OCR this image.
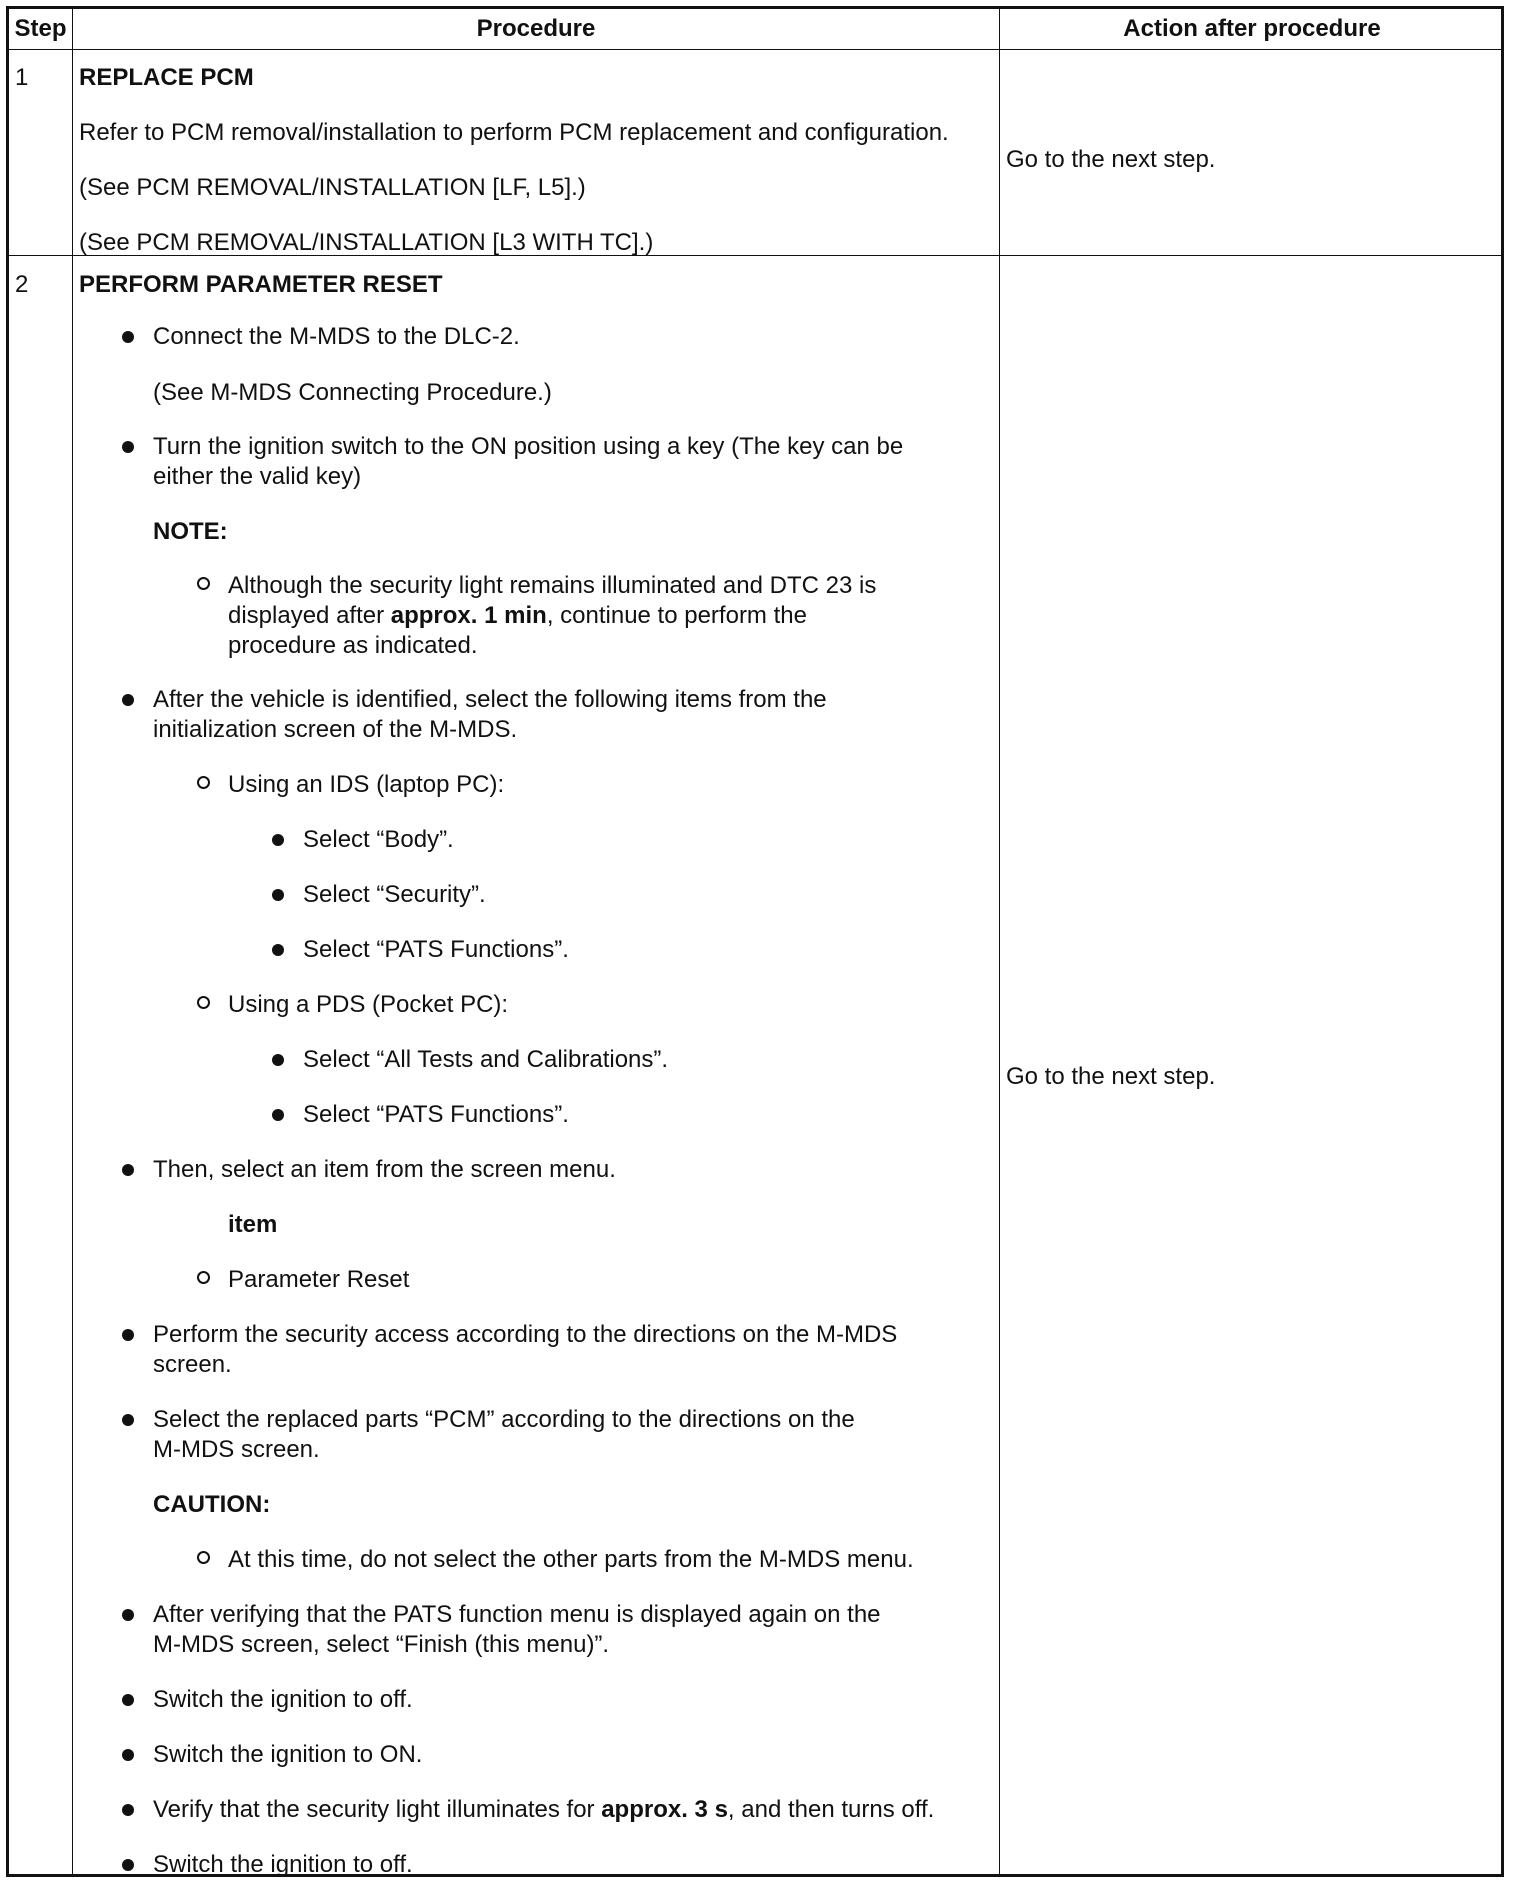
Step	Procedure	Action after procedure
1 REPLACE PCM
Refer to PCM removal/installation to perform PCM replacement and configuration.
(See PCM REMOVAL/INSTALLATION [LF, L5].)
(See PCM REMOVAL/INSTALLATION [L3 WITH TC].)
Go to the next step.
2 PERFORM PARAMETER RESET
Go to the next step.
Connect the M-MDS to the DLC-2.
(See M-MDS Connecting Procedure.)
Turn the ignition switch to the ON position using a key (The key can be
either the valid key)
NOTE:
Although the security light remains illuminated and DTC 23 is
displayed after approx. 1 min, continue to perform the
procedure as indicated.
After the vehicle is identified, select the following items from the
initialization screen of the M-MDS.
Using an IDS (laptop PC):
Select “Body”.
Select “Security”.
Select “PATS Functions”.
Using a PDS (Pocket PC):
Select “All Tests and Calibrations”.
Select “PATS Functions”.
Then, select an item from the screen menu.
item
Parameter Reset
Perform the security access according to the directions on the M-MDS
screen.
Select the replaced parts “PCM” according to the directions on the
M-MDS screen.
CAUTION:
At this time, do not select the other parts from the M-MDS menu.
After verifying that the PATS function menu is displayed again on the
M-MDS screen, select “Finish (this menu)”.
Switch the ignition to off.
Switch the ignition to ON.
Verify that the security light illuminates for approx. 3 s, and then turns off.
Switch the ignition to off.
